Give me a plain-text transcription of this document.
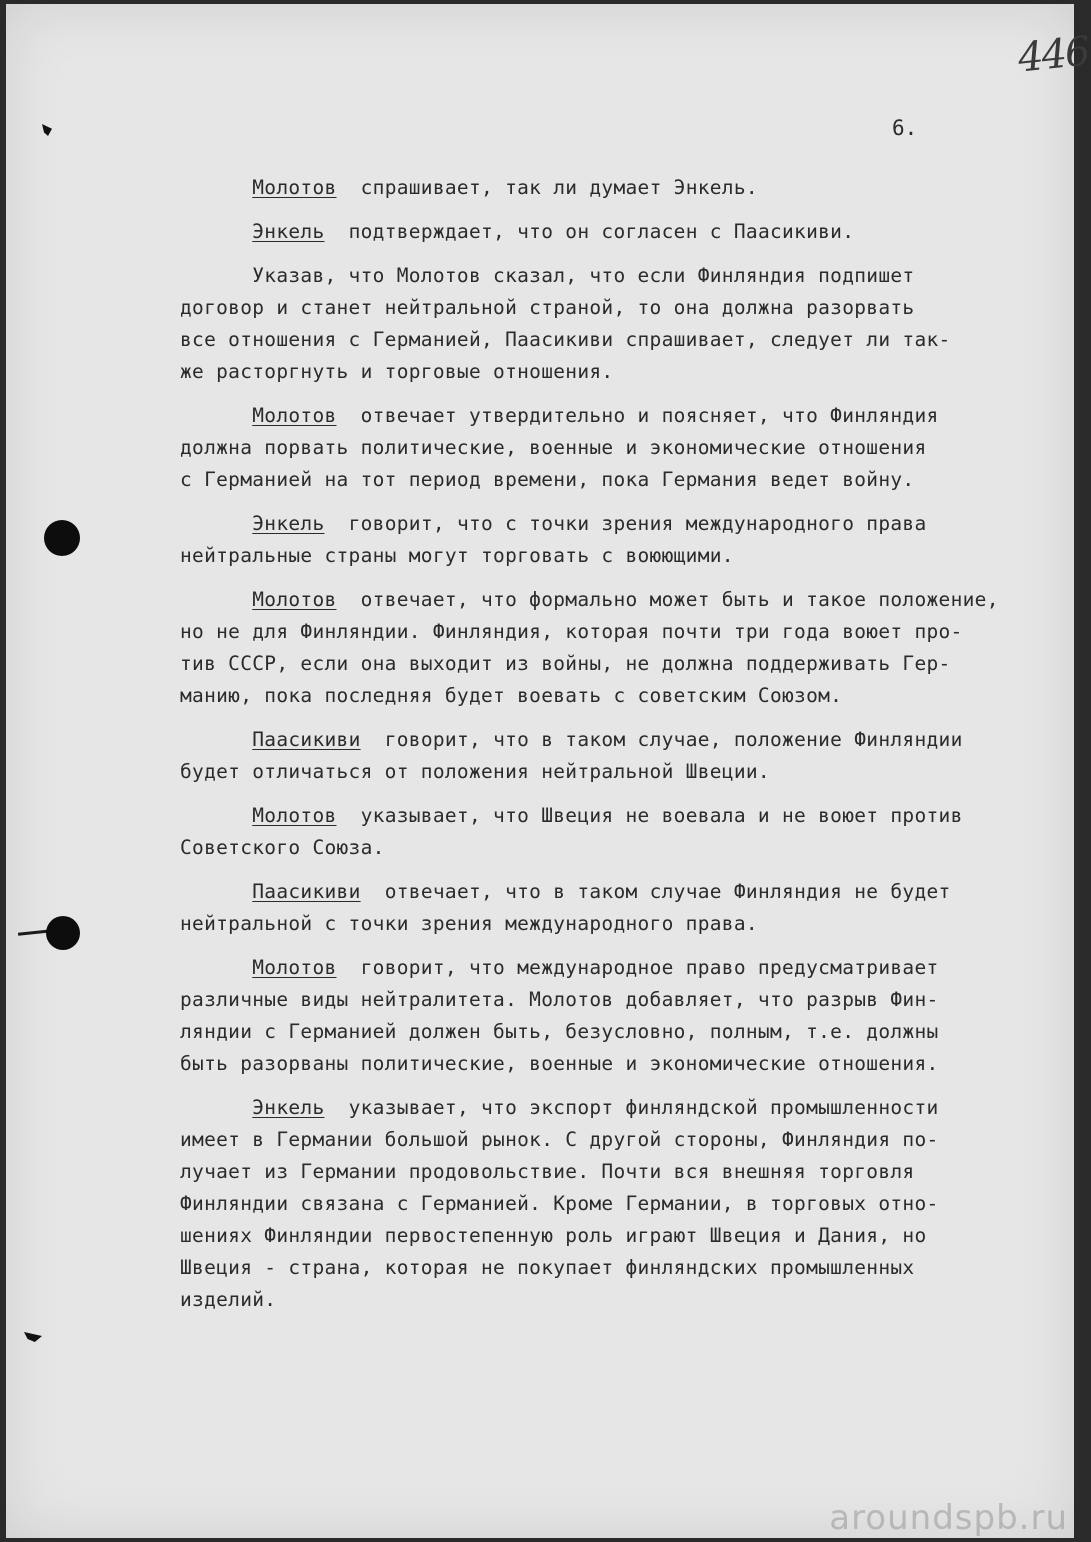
446
6.
Молотов  спрашивает, так ли думает Энкель.
Энкель  подтверждает, что он согласен с Паасикиви.
Указав, что Молотов сказал, что если Финляндия подпишет
договор и станет нейтральной страной, то она должна разорвать
все отношения с Германией, Паасикиви спрашивает, следует ли так-
же расторгнуть и торговые отношения.
Молотов  отвечает утвердительно и поясняет, что Финляндия
должна порвать политические, военные и экономические отношения
с Германией на тот период времени, пока Германия ведет войну.
Энкель  говорит, что с точки зрения международного права
нейтральные страны могут торговать с воюющими.
Молотов  отвечает, что формально может быть и такое положение,
но не для Финляндии. Финляндия, которая почти три года воюет про-
тив СССР, если она выходит из войны, не должна поддерживать Гер-
манию, пока последняя будет воевать с советским Союзом.
Паасикиви  говорит, что в таком случае, положение Финляндии
будет отличаться от положения нейтральной Швеции.
Молотов  указывает, что Швеция не воевала и не воюет против
Советского Союза.
Паасикиви  отвечает, что в таком случае Финляндия не будет
нейтральной с точки зрения международного права.
Молотов  говорит, что международное право предусматривает
различные виды нейтралитета. Молотов добавляет, что разрыв Фин-
ляндии с Германией должен быть, безусловно, полным, т.е. должны
быть разорваны политические, военные и экономические отношения.
Энкель  указывает, что экспорт финляндской промышленности
имеет в Германии большой рынок. С другой стороны, Финляндия по-
лучает из Германии продовольствие. Почти вся внешняя торговля
Финляндии связана с Германией. Кроме Германии, в торговых отно-
шениях Финляндии первостепенную роль играют Швеция и Дания, но
Швеция - страна, которая не покупает финляндских промышленных
изделий.
aroundspb.ru
